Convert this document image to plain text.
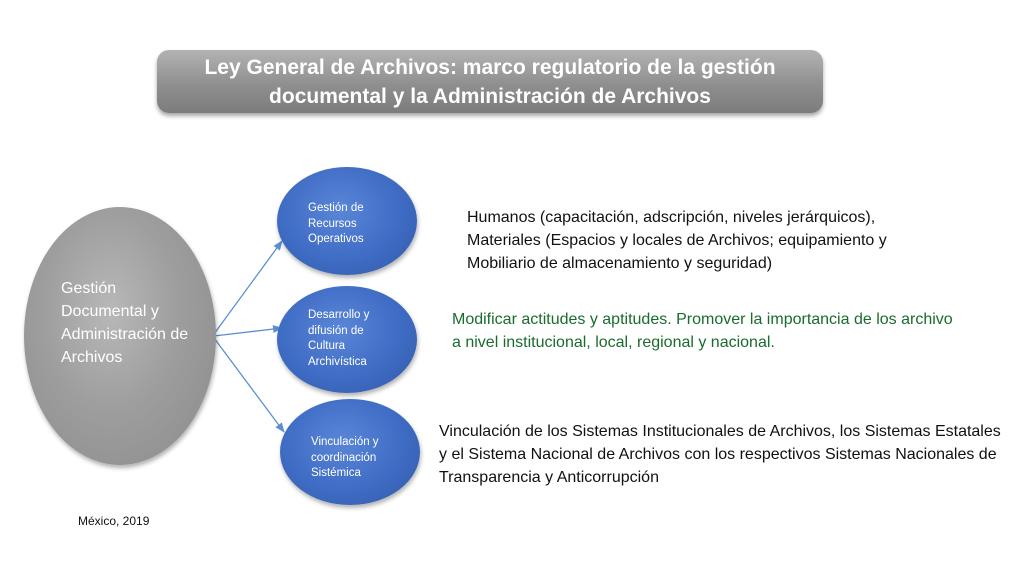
Ley General de Archivos: marco regulatorio de la gestión documental y la Administración de Archivos
Gestión Documental y Administración de Archivos
Gestión de
Recursos
Operativos
Desarrollo y
difusión de
Cultura
Archivística
Vinculación y
coordinación
Sistémica
Humanos (capacitación, adscripción, niveles jerárquicos), Materiales (Espacios y locales de Archivos; equipamiento y Mobiliario de almacenamiento y seguridad)
Modificar actitudes y aptitudes. Promover la importancia de los archivo a nivel institucional, local, regional y nacional.
Vinculación de los Sistemas Institucionales de Archivos, los Sistemas Estatales y el Sistema Nacional de Archivos con los respectivos Sistemas Nacionales de Transparencia y Anticorrupción
México, 2019
